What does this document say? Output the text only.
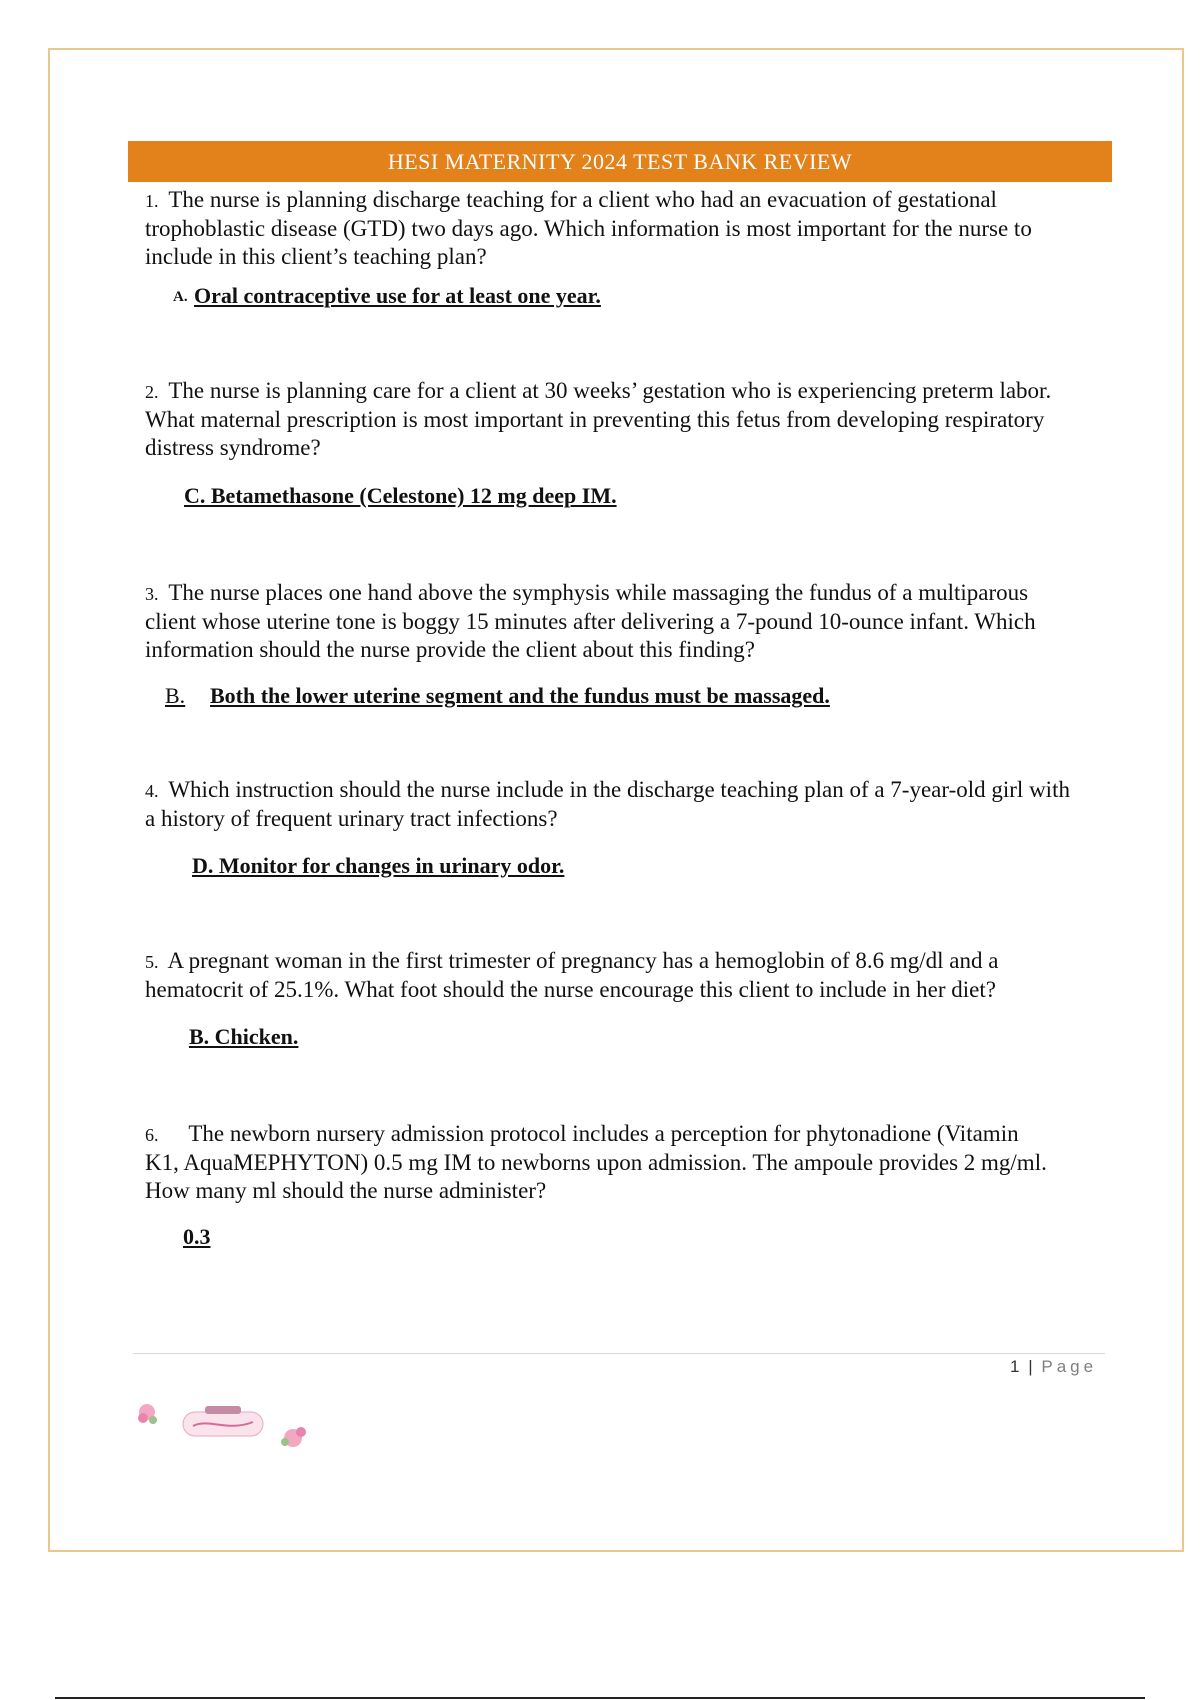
HESI MATERNITY 2024 TEST BANK REVIEW
1. The nurse is planning discharge teaching for a client who had an evacuation of gestational trophoblastic disease (GTD) two days ago. Which information is most important for the nurse to include in this client’s teaching plan?
A. Oral contraceptive use for at least one year.
2. The nurse is planning care for a client at 30 weeks’ gestation who is experiencing preterm labor. What maternal prescription is most important in preventing this fetus from developing respiratory distress syndrome?
C. Betamethasone (Celestone) 12 mg deep IM.
3. The nurse places one hand above the symphysis while massaging the fundus of a multiparous client whose uterine tone is boggy 15 minutes after delivering a 7-pound 10-ounce infant. Which information should the nurse provide the client about this finding?
B. Both the lower uterine segment and the fundus must be massaged.
4. Which instruction should the nurse include in the discharge teaching plan of a 7-year-old girl with a history of frequent urinary tract infections?
D. Monitor for changes in urinary odor.
5. A pregnant woman in the first trimester of pregnancy has a hemoglobin of 8.6 mg/dl and a hematocrit of 25.1%. What foot should the nurse encourage this client to include in her diet?
B. Chicken.
6. The newborn nursery admission protocol includes a perception for phytonadione (Vitamin K1, AquaMEPHYTON) 0.5 mg IM to newborns upon admission. The ampoule provides 2 mg/ml. How many ml should the nurse administer?
0.3
1 | Page
